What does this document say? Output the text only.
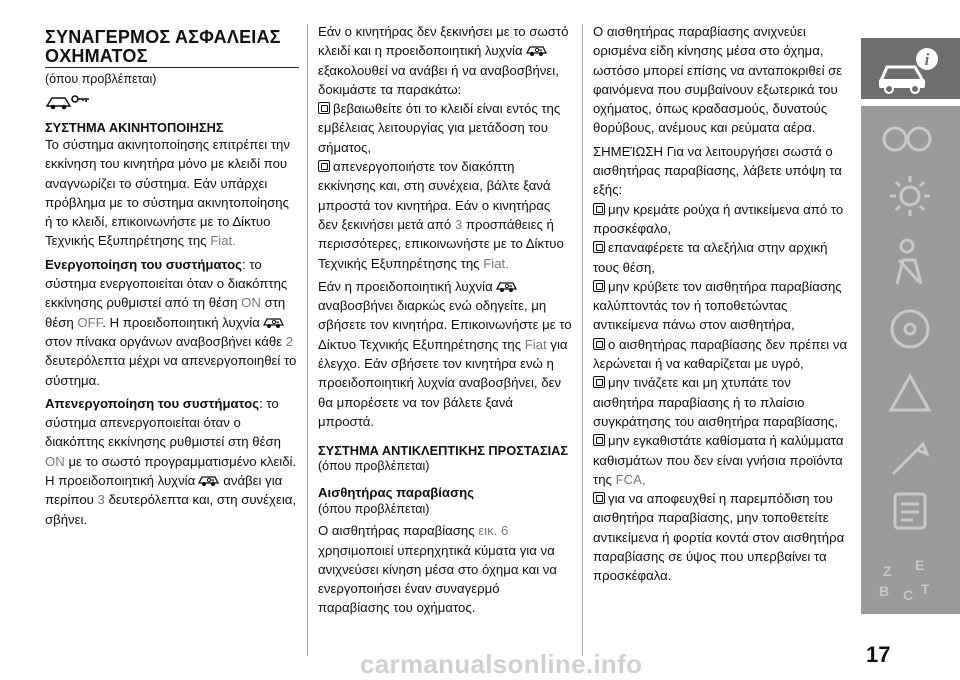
ΣΥΝΑΓΕΡΜΟΣ ΑΣΦΑΛΕΙΑΣ ΟΧΗΜΑΤΟΣ
(όπου προβλέπεται)
ΣΥΣΤΗΜΑ ΑΚΙΝΗΤΟΠΟΙΗΣΗΣ

Το σύστημα ακινητοποίησης επιτρέπει την εκκίνηση του κινητήρα μόνο με κλειδί που αναγνωρίζει το σύστημα. Εάν υπάρχει πρόβλημα με το σύστημα ακινητοποίησης ή το κλειδί, επικοινωνήστε με το Δίκτυο Τεχνικής Εξυπηρέτησης της Fiat.

Ενεργοποίηση του συστήματος: το σύστημα ενεργοποιείται όταν ο διακόπτης εκκίνησης ρυθμιστεί από τη θέση ON στη θέση OFF. Η προειδοποιητική λυχνίαστον πίνακα οργάνων αναβοσβήνει κάθε 2 δευτερόλεπτα μέχρι να απενεργοποιηθεί το σύστημα.

Απενεργοποίηση του συστήματος: το σύστημα απενεργοποιείται όταν ο διακόπτης εκκίνησης ρυθμιστεί στη θέση ON με το σωστό προγραμματισμένο κλειδί. Η προειδοποιητική λυχνία ανάβει για περίπου 3 δευτερόλεπτα και, στη συνέχεια, σβήνει.

Εάν ο κινητήρας δεν ξεκινήσει με το σωστό κλειδί και η προειδοποιητική λυχνίαεξακολουθεί να ανάβει ή να αναβοσβήνει, δοκιμάστε τα παρακάτω:

βεβαιωθείτε ότι το κλειδί είναι εντός της εμβέλειας λειτουργίας για μετάδοση του σήματος,

απενεργοποιήστε τον διακόπτη εκκίνησης και, στη συνέχεια, βάλτε ξανά μπροστά τον κινητήρα. Εάν ο κινητήρας δεν ξεκινήσει μετά από 3 προσπάθειες ή περισσότερες, επικοινωνήστε με το Δίκτυο Τεχνικής Εξυπηρέτησης της Fiat.

Εάν η προειδοποιητική λυχνίααναβοσβήνει διαρκώς ενώ οδηγείτε, μη σβήσετε τον κινητήρα. Επικοινωνήστε με το Δίκτυο Τεχνικής Εξυπηρέτησης της Fiat για έλεγχο. Εάν σβήσετε τον κινητήρα ενώ η προειδοποιητική λυχνία αναβοσβήνει, δεν θα μπορέσετε να τον βάλετε ξανά μπροστά.

ΣΥΣΤΗΜΑ ΑΝΤΙΚΛΕΠΤΙΚΗΣ ΠΡΟΣΤΑΣΙΑΣ
(όπου προβλέπεται)
Αισθητήρας παραβίασης
(όπου προβλέπεται)

Ο αισθητήρας παραβίασης εικ. 6 χρησιμοποιεί υπερηχητικά κύματα για να ανιχνεύσει κίνηση μέσα στο όχημα και να ενεργοποιήσει έναν συναγερμό παραβίασης του οχήματος.

Ο αισθητήρας παραβίασης ανιχνεύει ορισμένα είδη κίνησης μέσα στο όχημα, ωστόσο μπορεί επίσης να ανταποκριθεί σε φαινόμενα που συμβαίνουν εξωτερικά του οχήματος, όπως κραδασμούς, δυνατούς θορύβους, ανέμους και ρεύματα αέρα.

ΣΗΜΕΊΩΣΗ Για να λειτουργήσει σωστά ο αισθητήρας παραβίασης, λάβετε υπόψη τα εξής:

μην κρεμάτε ρούχα ή αντικείμενα από το προσκέφαλο,

επαναφέρετε τα αλεξήλια στην αρχική τους θέση,

μην κρύβετε τον αισθητήρα παραβίασης καλύπτοντάς τον ή τοποθετώντας αντικείμενα πάνω στον αισθητήρα,

ο αισθητήρας παραβίασης δεν πρέπει να λερώνεται ή να καθαρίζεται με υγρό,

μην τινάζετε και μη χτυπάτε τον αισθητήρα παραβίασης ή το πλαίσιο συγκράτησης του αισθητήρα παραβίασης,

μην εγκαθιστάτε καθίσματα ή καλύμματα καθισμάτων που δεν είναι γνήσια προϊόντα της FCA,

για να αποφευχθεί η παρεμπόδιση του αισθητήρα παραβίασης, μην τοποθετείτε αντικείμενα ή φορτία κοντά στον αισθητήρα παραβίασης σε ύψος που υπερβαίνει τα προσκέφαλα.

i
Z E
B C T
17
carmanualsonline.info
